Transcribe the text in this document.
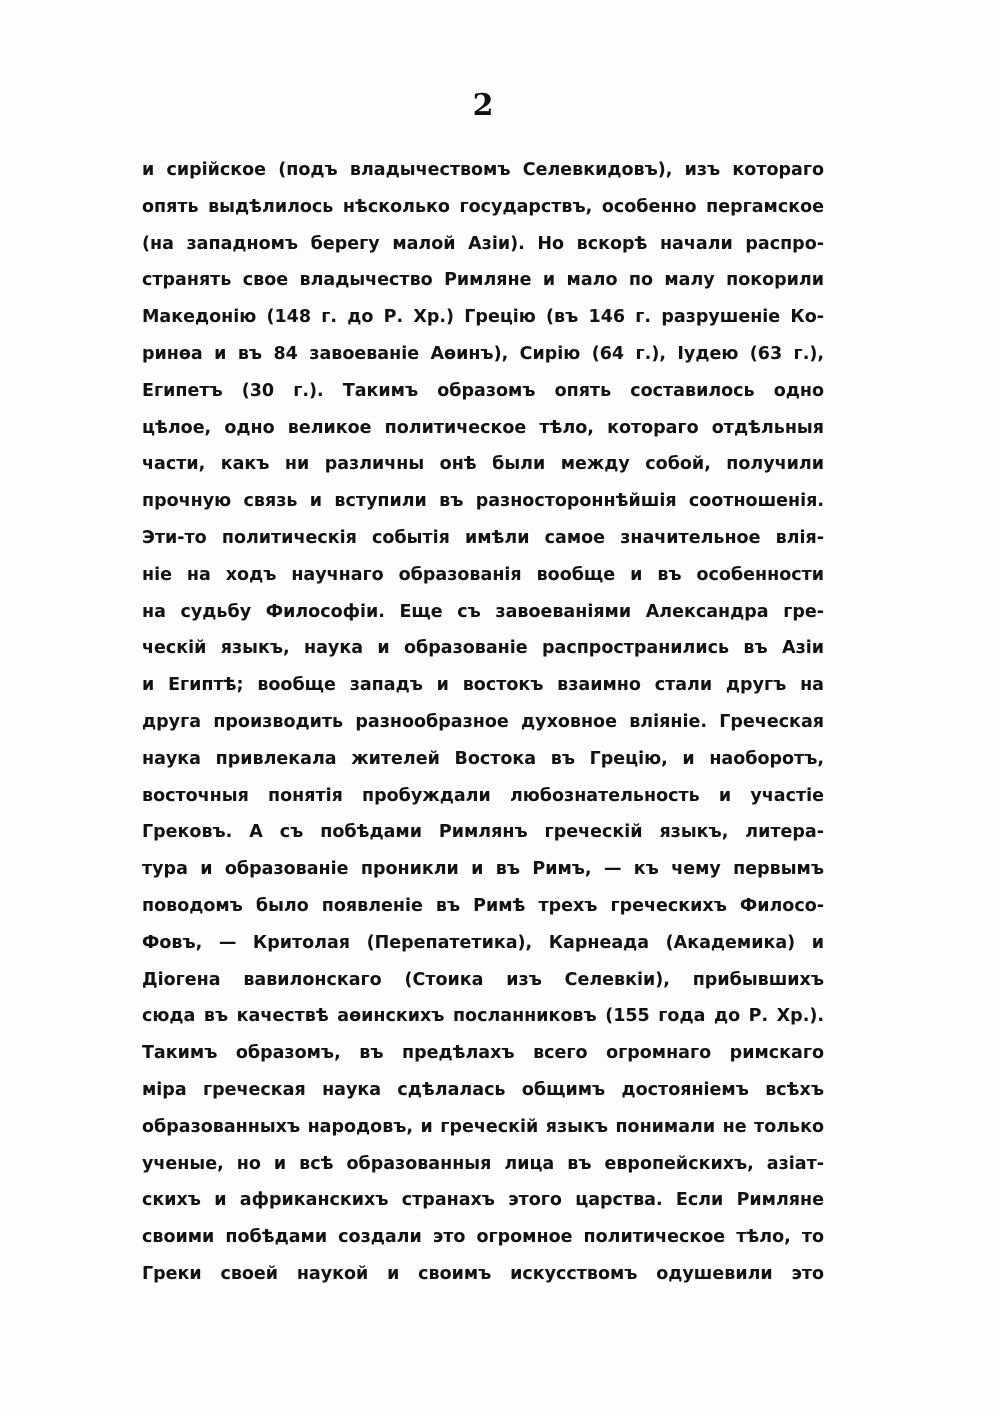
2
и сирійское (подъ владычествомъ Селевкидовъ), изъ котораго
опять выдѣлилось нѣсколько государствъ, особенно пергамское
(на западномъ берегу малой Азіи). Но вскорѣ начали распро-
странять свое владычество Римляне и мало по малу покорили
Македонію (148 г. до Р. Хр.) Грецію (въ 146 г. разрушеніе Ко-
ринѳа и въ 84 завоеваніе Аѳинъ), Сирію (64 г.), Іудею (63 г.),
Египетъ (30 г.). Такимъ образомъ опять составилось одно
цѣлое, одно великое политическое тѣло, котораго отдѣльныя
части, какъ ни различны онѣ были между собой, получили
прочную связь и вступили въ разностороннѣйшія соотношенія.
Эти-то политическія событія имѣли самое значительное влія-
ніе на ходъ научнаго образованія вообще и въ особенности
на судьбу Философіи. Еще съ завоеваніями Александра гре-
ческій языкъ, наука и образованіе распространились въ Азіи
и Египтѣ; вообще западъ и востокъ взаимно стали другъ на
друга производить разнообразное духовное вліяніе. Греческая
наука привлекала жителей Востока въ Грецію, и наоборотъ,
восточныя понятія пробуждали любознательность и участіе
Грековъ. А съ побѣдами Римлянъ греческій языкъ, литера-
тура и образованіе проникли и въ Римъ, — къ чему первымъ
поводомъ было появленіе въ Римѣ трехъ греческихъ Филосо-
Фовъ, — Критолая (Перепатетика), Карнеада (Академика) и
Діогена вавилонскаго (Стоика изъ Селевкіи), прибывшихъ
сюда въ качествѣ аѳинскихъ посланниковъ (155 года до Р. Хр.).
Такимъ образомъ, въ предѣлахъ всего огромнаго римскаго
міра греческая наука сдѣлалась общимъ достояніемъ всѣхъ
образованныхъ народовъ, и греческій языкъ понимали не только
ученые, но и всѣ образованныя лица въ европейскихъ, азіат-
скихъ и африканскихъ странахъ этого царства. Если Римляне
своими побѣдами создали это огромное политическое тѣло, то
Греки своей наукой и своимъ искусствомъ одушевили это
